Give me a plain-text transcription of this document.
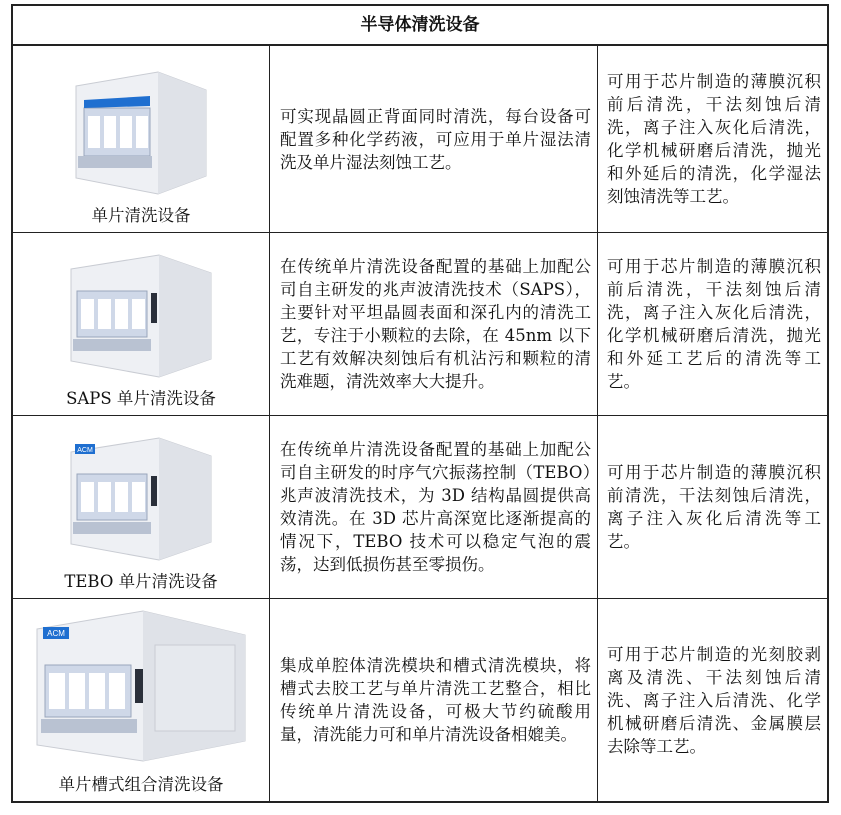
半导体清洗设备
单片清洗设备
可实现晶圆正背面同时清洗，每台设备可配置多种化学药液，可应用于单片湿法清洗及单片湿法刻蚀工艺。
可用于芯片制造的薄膜沉积前后清洗，干法刻蚀后清洗，离子注入灰化后清洗，化学机械研磨后清洗，抛光和外延后的清洗，化学湿法刻蚀清洗等工艺。
SAPS 单片清洗设备
在传统单片清洗设备配置的基础上加配公司自主研发的兆声波清洗技术（SAPS），主要针对平坦晶圆表面和深孔内的清洗工艺，专注于小颗粒的去除，在 45nm 以下工艺有效解决刻蚀后有机沾污和颗粒的清洗难题，清洗效率大大提升。
可用于芯片制造的薄膜沉积前后清洗，干法刻蚀后清洗，离子注入灰化后清洗，化学机械研磨后清洗，抛光和外延工艺后的清洗等工艺。
ACM
TEBO 单片清洗设备
在传统单片清洗设备配置的基础上加配公司自主研发的时序气穴振荡控制（TEBO）兆声波清洗技术，为 3D 结构晶圆提供高效清洗。在 3D 芯片高深宽比逐渐提高的情况下，TEBO 技术可以稳定气泡的震荡，达到低损伤甚至零损伤。
可用于芯片制造的薄膜沉积前清洗，干法刻蚀后清洗，离子注入灰化后清洗等工艺。
ACM
单片槽式组合清洗设备
集成单腔体清洗模块和槽式清洗模块，将槽式去胶工艺与单片清洗工艺整合，相比传统单片清洗设备，可极大节约硫酸用量，清洗能力可和单片清洗设备相媲美。
可用于芯片制造的光刻胶剥离及清洗、干法刻蚀后清洗、离子注入后清洗、化学机械研磨后清洗、金属膜层去除等工艺。
